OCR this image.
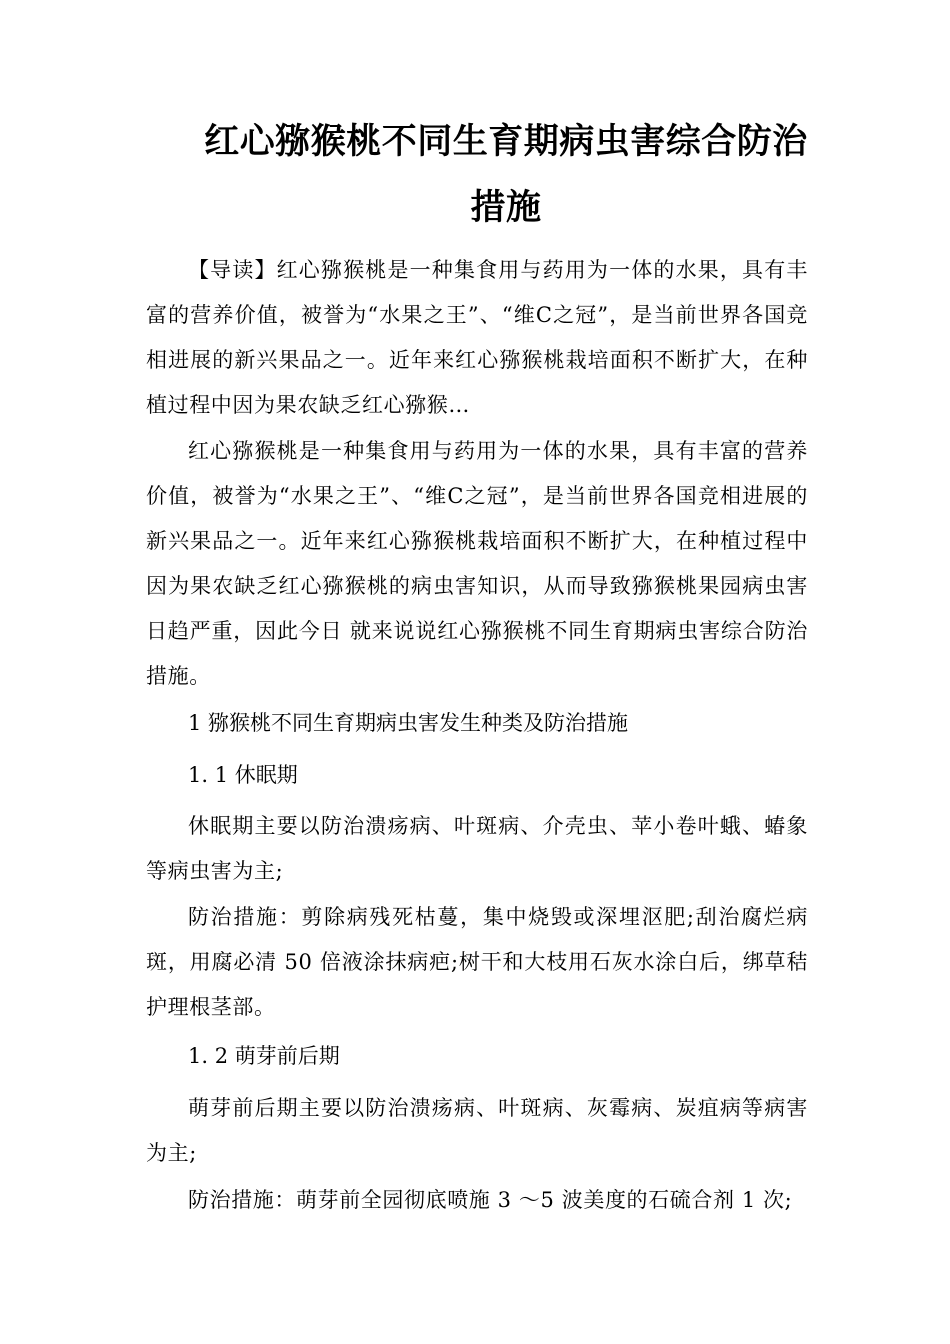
红心猕猴桃不同生育期病虫害综合防治
措施

【导读】红心猕猴桃是一种集食用与药用为一体的水果，具有丰富的营养价值，被誉为“水果之王”、“维C之冠”，是当前世界各国竞相进展的新兴果品之一。近年来红心猕猴桃栽培面积不断扩大，在种植过程中因为果农缺乏红心猕猴…

红心猕猴桃是一种集食用与药用为一体的水果，具有丰富的营养价值，被誉为“水果之王”、“维C之冠”，是当前世界各国竞相进展的新兴果品之一。近年来红心猕猴桃栽培面积不断扩大，在种植过程中因为果农缺乏红心猕猴桃的病虫害知识，从而导致猕猴桃果园病虫害日趋严重，因此今日 就来说说红心猕猴桃不同生育期病虫害综合防治措施。

1 猕猴桃不同生育期病虫害发生种类及防治措施

1. 1 休眠期

休眠期主要以防治溃疡病、叶斑病、介壳虫、苹小卷叶蛾、蝽象等病虫害为主;

防治措施：剪除病残死枯蔓，集中烧毁或深埋沤肥;刮治腐烂病斑，用腐必清 50 倍液涂抹病疤;树干和大枝用石灰水涂白后，绑草秸护理根茎部。

1. 2 萌芽前后期

萌芽前后期主要以防治溃疡病、叶斑病、灰霉病、炭疽病等病害为主;

防治措施：萌芽前全园彻底喷施 3 ～5 波美度的石硫合剂 1 次;
